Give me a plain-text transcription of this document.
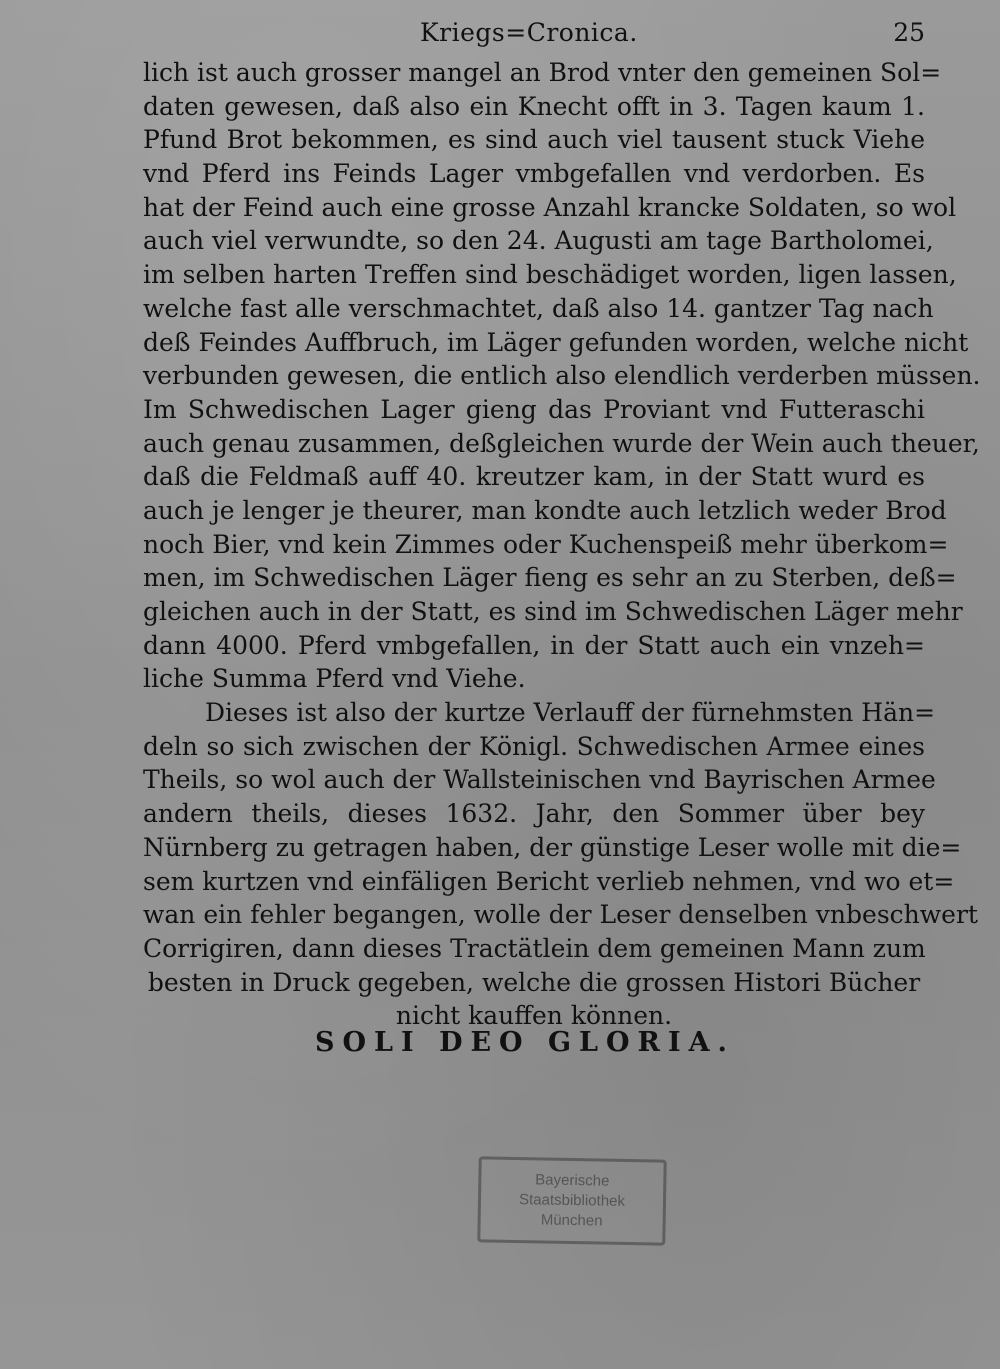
Kriegs=Cronica.	25
lich ist auch grosser mangel an Brod vnter den gemeinen Sol=
daten gewesen, daß also ein Knecht offt in 3. Tagen kaum 1.
Pfund Brot bekommen, es sind auch viel tausent stuck Viehe
vnd Pferd ins Feinds Lager vmbgefallen vnd verdorben. Es
hat der Feind auch eine grosse Anzahl krancke Soldaten, so wol
auch viel verwundte, so den 24. Augusti am tage Bartholomei,
im selben harten Treffen sind beschädiget worden, ligen lassen,
welche fast alle verschmachtet, daß also 14. gantzer Tag nach
deß Feindes Auffbruch, im Läger gefunden worden, welche nicht
verbunden gewesen, die entlich also elendlich verderben müssen.
Im Schwedischen Lager gieng das Proviant vnd Futteraschi
auch genau zusammen, deßgleichen wurde der Wein auch theuer,
daß die Feldmaß auff 40. kreutzer kam, in der Statt wurd es
auch je lenger je theurer, man kondte auch letzlich weder Brod
noch Bier, vnd kein Zimmes oder Kuchenspeiß mehr überkom=
men, im Schwedischen Läger fieng es sehr an zu Sterben, deß=
gleichen auch in der Statt, es sind im Schwedischen Läger mehr
dann 4000. Pferd vmbgefallen, in der Statt auch ein vnzeh=
liche Summa Pferd vnd Viehe.
Dieses ist also der kurtze Verlauff der fürnehmsten Hän=
deln so sich zwischen der Königl. Schwedischen Armee eines
Theils, so wol auch der Wallsteinischen vnd Bayrischen Armee
andern theils, dieses 1632. Jahr, den Sommer über bey
Nürnberg zu getragen haben, der günstige Leser wolle mit die=
sem kurtzen vnd einfäligen Bericht verlieb nehmen, vnd wo et=
wan ein fehler begangen, wolle der Leser denselben vnbeschwert
Corrigiren, dann dieses Tractätlein dem gemeinen Mann zum
besten in Druck gegeben, welche die grossen Histori Bücher
nicht kauffen können.
SOLI DEO GLORIA.
Bayerische
Staatsbibliothek
München
